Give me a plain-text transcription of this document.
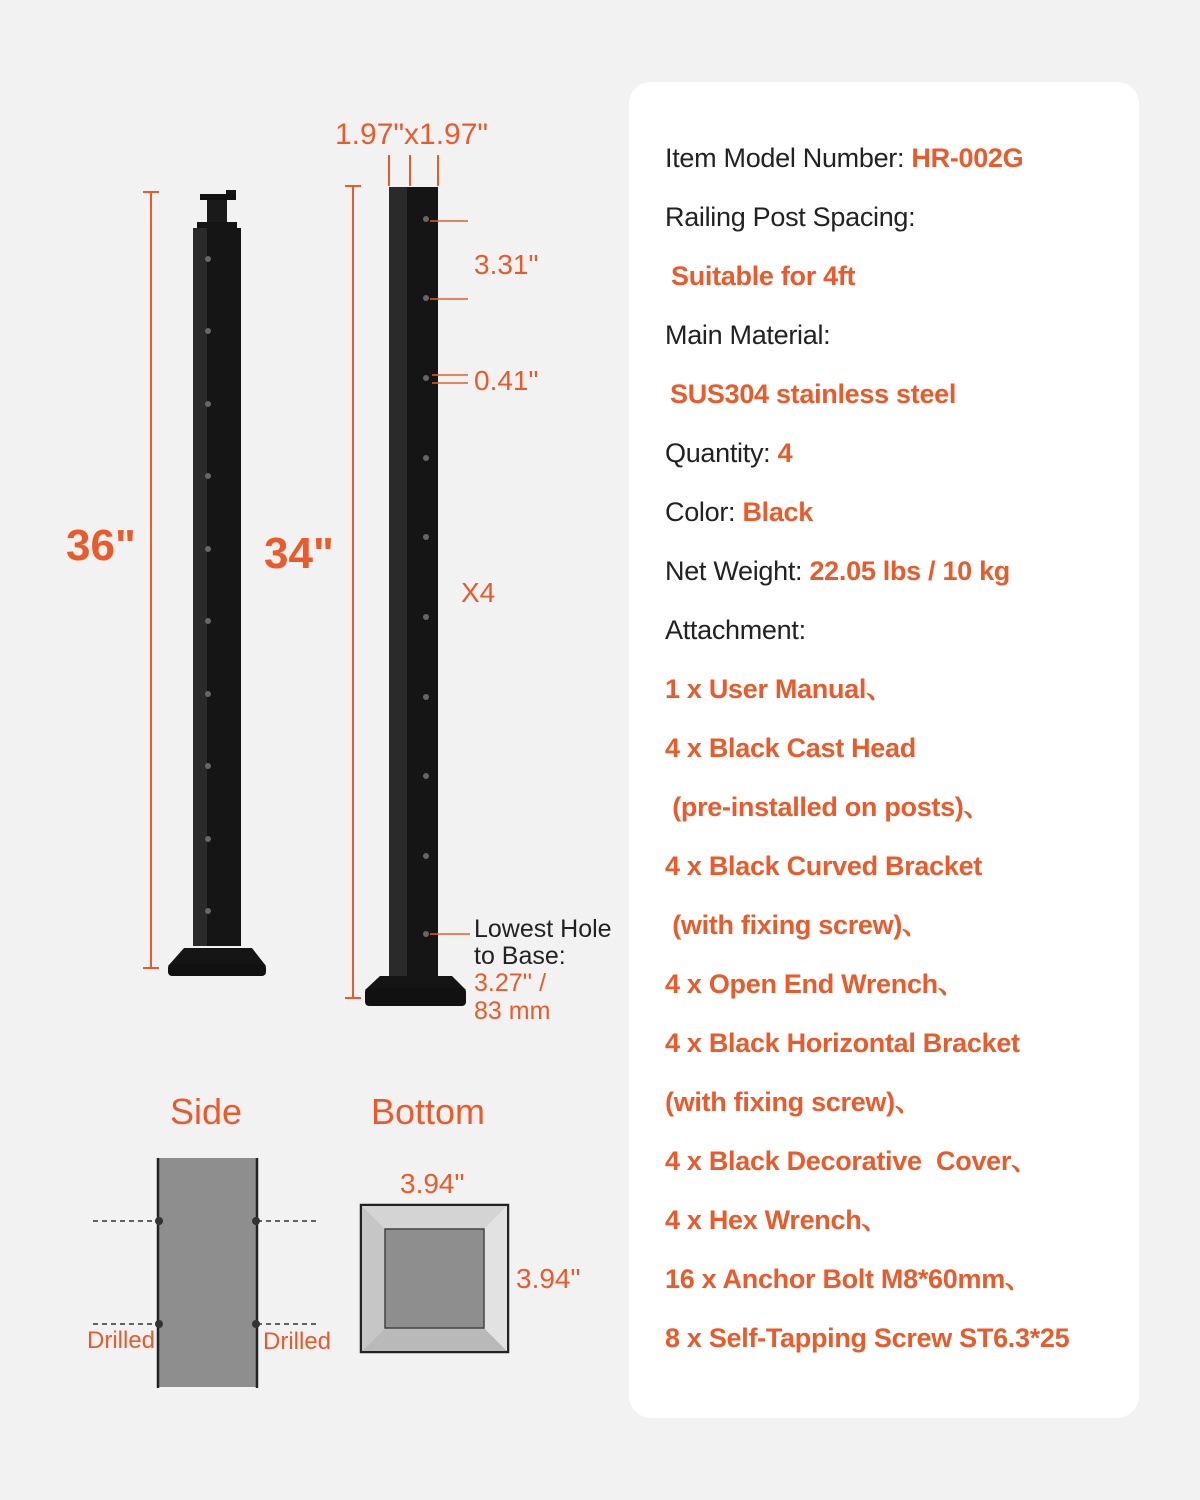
36"	34"
1.97"x1.97"
3.31"
0.41"
X4
Lowest Hole
to Base:
3.27'' /
83 mm
Side
Drilled	Drilled
Bottom
3.94"
3.94"
Item Model Number: HR-002G
Railing Post Spacing:
Suitable for 4ft
Main Material:
SUS304 stainless steel
Quantity: 4
Color: Black
Net Weight: 22.05 lbs / 10 kg
Attachment:
1 x User Manual、
4 x Black Cast Head
(pre-installed on posts)、
4 x Black Curved Bracket
(with fixing screw)、
4 x Open End Wrench、
4 x Black Horizontal Bracket
(with fixing screw)、
4 x Black Decorative  Cover、
4 x Hex Wrench、
16 x Anchor Bolt M8*60mm、
8 x Self-Tapping Screw ST6.3*25
